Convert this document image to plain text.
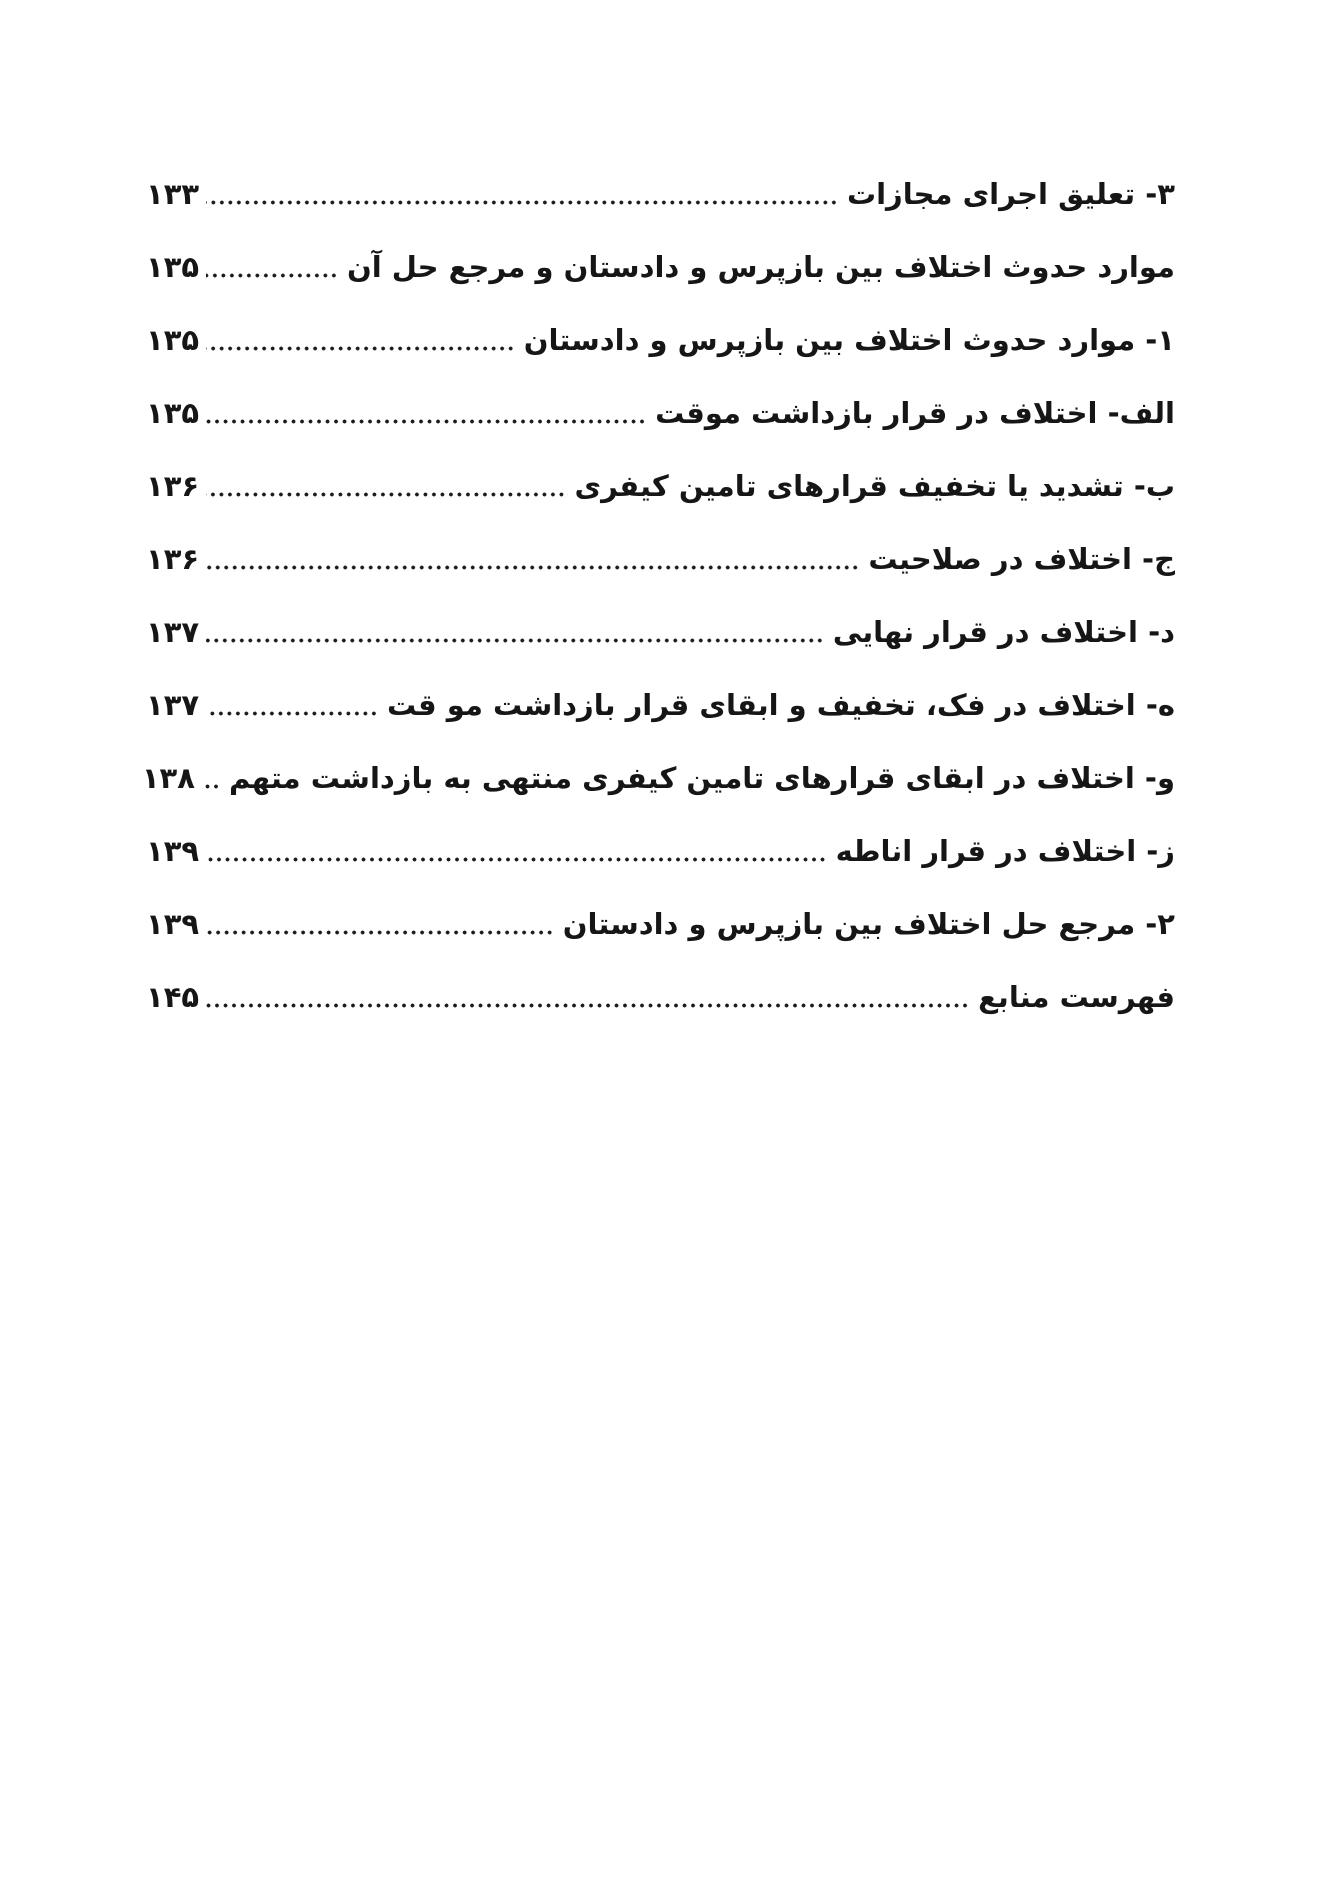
۳- تعلیق اجرای مجازات
۱۳۳
موارد حدوث اختلاف بین بازپرس و دادستان و مرجع حل آن
۱۳۵
۱- موارد حدوث اختلاف بین بازپرس و دادستان
۱۳۵
الف- اختلاف در قرار بازداشت موقت
۱۳۵
ب- تشدید یا تخفیف قرارهای تامین کیفری
۱۳۶
ج- اختلاف در صلاحیت
۱۳۶
د- اختلاف در قرار نهایی
۱۳۷
ه- اختلاف در فک، تخفیف و ابقای قرار بازداشت مو قت
۱۳۷
و- اختلاف در ابقای قرارهای تامین کیفری منتهی به بازداشت متهم
۱۳۸
ز- اختلاف در قرار اناطه
۱۳۹
۲- مرجع حل اختلاف بین بازپرس و دادستان
۱۳۹
فهرست منابع
۱۴۵
